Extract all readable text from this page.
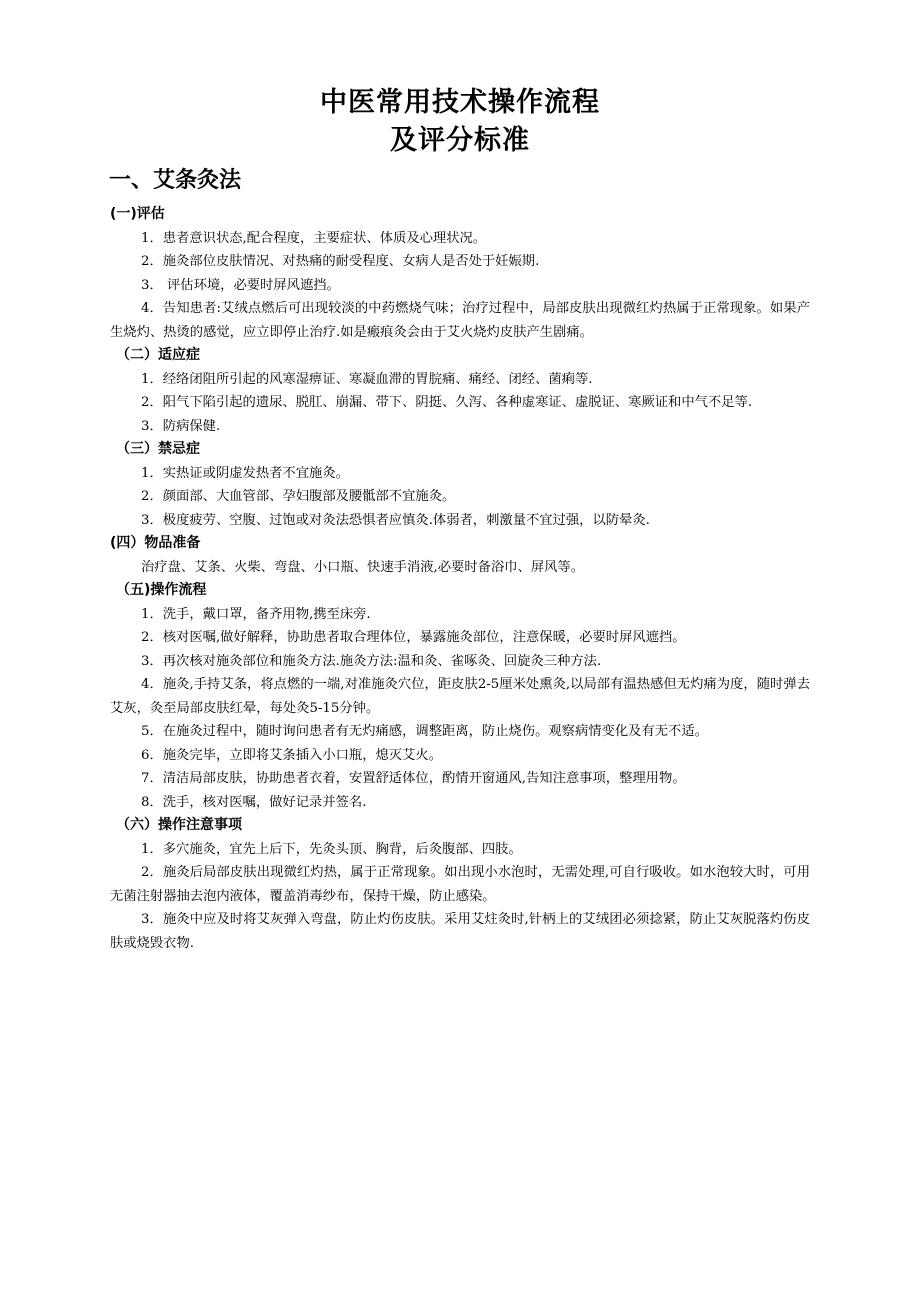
中医常用技术操作流程
及评分标准
一、艾条灸法
(一)评估
1．患者意识状态,配合程度，主要症状、体质及心理状况。
2．施灸部位皮肤情况、对热痛的耐受程度、女病人是否处于妊娠期.
3． 评估环境，必要时屏风遮挡。
4．告知患者:艾绒点燃后可出现较淡的中药燃烧气味；治疗过程中，局部皮肤出现微红灼热属于正常现象。如果产生烧灼、热烫的感觉，应立即停止治疗.如是瘢痕灸会由于艾火烧灼皮肤产生剧痛。
（二）适应症
1．经络闭阻所引起的风寒湿痹证、寒凝血滞的胃脘痛、痛经、闭经、菌痢等.
2．阳气下陷引起的遗尿、脱肛、崩漏、带下、阴挺、久泻、各种虚寒证、虚脱证、寒厥证和中气不足等.
3．防病保健.
（三）禁忌症
1．实热证或阴虚发热者不宜施灸。
2．颜面部、大血管部、孕妇腹部及腰骶部不宜施灸。
3．极度疲劳、空腹、过饱或对灸法恐惧者应慎灸.体弱者，刺激量不宜过强，以防晕灸.
(四）物品准备
治疗盘、艾条、火柴、弯盘、小口瓶、快速手消液,必要时备浴巾、屏风等。
（五)操作流程
1．洗手，戴口罩，备齐用物,携至床旁.
2．核对医嘱,做好解释，协助患者取合理体位，暴露施灸部位，注意保暖，必要时屏风遮挡。
3．再次核对施灸部位和施灸方法.施灸方法:温和灸、雀啄灸、回旋灸三种方法.
4．施灸,手持艾条，将点燃的一端,对准施灸穴位，距皮肤2-5厘米处熏灸,以局部有温热感但无灼痛为度，随时弹去艾灰，灸至局部皮肤红晕，每处灸5-15分钟。
5．在施灸过程中，随时询问患者有无灼痛感，调整距离，防止烧伤。观察病情变化及有无不适。
6．施灸完毕，立即将艾条插入小口瓶，熄灭艾火。
7．清洁局部皮肤，协助患者衣着，安置舒适体位，酌情开窗通风,告知注意事项，整理用物。
8．洗手，核对医嘱，做好记录并签名.
（六）操作注意事项
1．多穴施灸，宜先上后下，先灸头顶、胸背，后灸腹部、四肢。
2．施灸后局部皮肤出现微红灼热，属于正常现象。如出现小水泡时，无需处理,可自行吸收。如水泡较大时，可用无菌注射器抽去泡内液体，覆盖消毒纱布，保持干燥，防止感染。
3．施灸中应及时将艾灰弹入弯盘，防止灼伤皮肤。采用艾炷灸时,针柄上的艾绒团必须捻紧，防止艾灰脱落灼伤皮肤或烧毁衣物.
